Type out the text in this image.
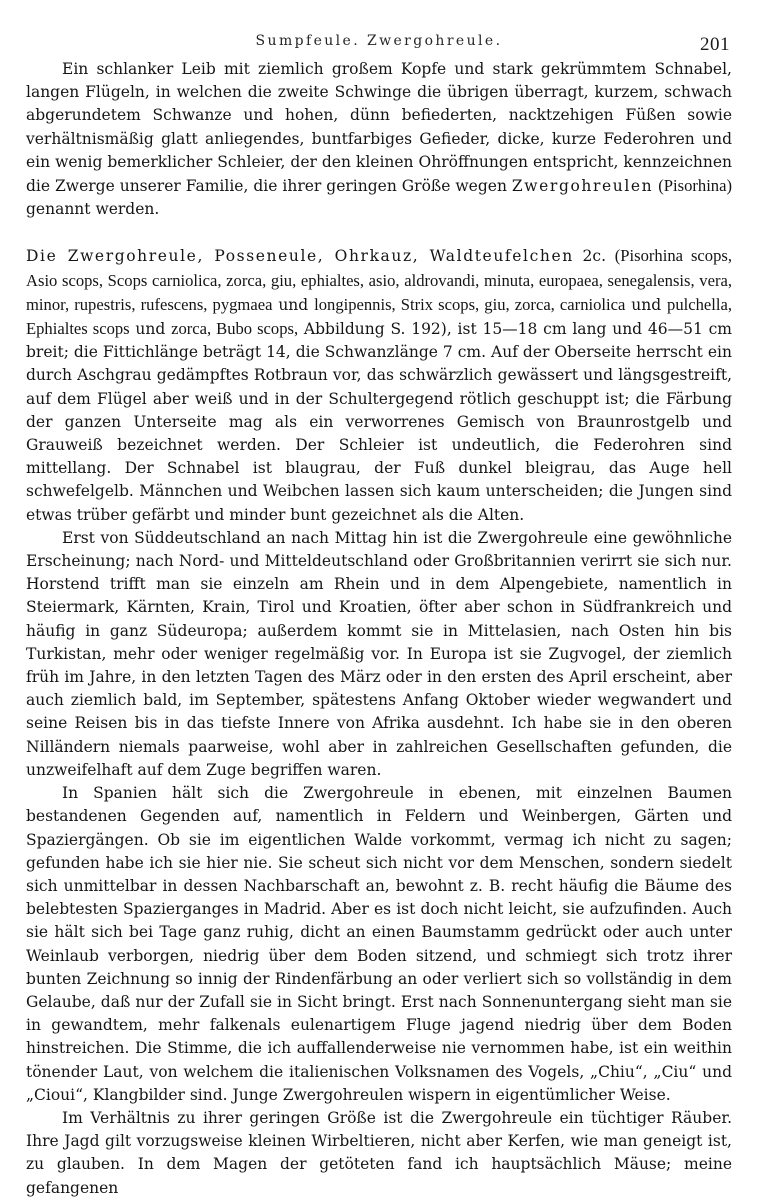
Sumpfeule. Zwergohreule.	201

Ein schlanker Leib mit ziemlich großem Kopfe und stark gekrümmtem Schnabel, langen Flügeln, in welchen die zweite Schwinge die übrigen überragt, kurzem, schwach abgerundetem Schwanze und hohen, dünn befiederten, nacktzehigen Füßen sowie verhältnismäßig glatt anliegendes, buntfarbiges Gefieder, dicke, kurze Federohren und ein wenig bemerklicher Schleier, der den kleinen Ohröffnungen entspricht, kennzeichnen die Zwerge unserer Familie, die ihrer geringen Größe wegen Zwergohreulen (Pisorhina) genannt werden.

Die Zwergohreule, Posseneule, Ohrkauz, Waldteufelchen 2c. (Pisorhina scops, Asio scops, Scops carniolica, zorca, giu, ephialtes, asio, aldrovandi, minuta, europaea, senegalensis, vera, minor, rupestris, rufescens, pygmaea und longipennis, Strix scops, giu, zorca, carniolica und pulchella, Ephialtes scops und zorca, Bubo scops, Abbildung S. 192), ist 15—18 cm lang und 46—51 cm breit; die Fittichlänge beträgt 14, die Schwanzlänge 7 cm. Auf der Oberseite herrscht ein durch Aschgrau gedämpftes Rotbraun vor, das schwärzlich gewässert und längsgestreift, auf dem Flügel aber weiß und in der Schultergegend rötlich geschuppt ist; die Färbung der ganzen Unterseite mag als ein verworrenes Gemisch von Braunrostgelb und Grauweiß bezeichnet werden. Der Schleier ist undeutlich, die Federohren sind mittellang. Der Schnabel ist blaugrau, der Fuß dunkel bleigrau, das Auge hell schwefelgelb. Männchen und Weibchen lassen sich kaum unterscheiden; die Jungen sind etwas trüber gefärbt und minder bunt gezeichnet als die Alten.

Erst von Süddeutschland an nach Mittag hin ist die Zwergohreule eine gewöhnliche Erscheinung; nach Nord- und Mitteldeutschland oder Großbritannien verirrt sie sich nur. Horstend trifft man sie einzeln am Rhein und in dem Alpengebiete, namentlich in Steiermark, Kärnten, Krain, Tirol und Kroatien, öfter aber schon in Südfrankreich und häufig in ganz Südeuropa; außerdem kommt sie in Mittelasien, nach Osten hin bis Turkistan, mehr oder weniger regelmäßig vor. In Europa ist sie Zugvogel, der ziemlich früh im Jahre, in den letzten Tagen des März oder in den ersten des April erscheint, aber auch ziemlich bald, im September, spätestens Anfang Oktober wieder wegwandert und seine Reisen bis in das tiefste Innere von Afrika ausdehnt. Ich habe sie in den oberen Nilländern niemals paarweise, wohl aber in zahlreichen Gesellschaften gefunden, die unzweifelhaft auf dem Zuge begriffen waren.

In Spanien hält sich die Zwergohreule in ebenen, mit einzelnen Baumen bestandenen Gegenden auf, namentlich in Feldern und Weinbergen, Gärten und Spaziergängen. Ob sie im eigentlichen Walde vorkommt, vermag ich nicht zu sagen; gefunden habe ich sie hier nie. Sie scheut sich nicht vor dem Menschen, sondern siedelt sich unmittelbar in dessen Nachbarschaft an, bewohnt z. B. recht häufig die Bäume des belebtesten Spazierganges in Madrid. Aber es ist doch nicht leicht, sie aufzufinden. Auch sie hält sich bei Tage ganz ruhig, dicht an einen Baumstamm gedrückt oder auch unter Weinlaub verborgen, niedrig über dem Boden sitzend, und schmiegt sich trotz ihrer bunten Zeichnung so innig der Rindenfärbung an oder verliert sich so vollständig in dem Gelaube, daß nur der Zufall sie in Sicht bringt. Erst nach Sonnenuntergang sieht man sie in gewandtem, mehr falkenals eulenartigem Fluge jagend niedrig über dem Boden hinstreichen. Die Stimme, die ich auffallenderweise nie vernommen habe, ist ein weithin tönender Laut, von welchem die italienischen Volksnamen des Vogels, „Chiu“, „Ciu“ und „Cioui“, Klangbilder sind. Junge Zwergohreulen wispern in eigentümlicher Weise.

Im Verhältnis zu ihrer geringen Größe ist die Zwergohreule ein tüchtiger Räuber. Ihre Jagd gilt vorzugsweise kleinen Wirbeltieren, nicht aber Kerfen, wie man geneigt ist, zu glauben. In dem Magen der getöteten fand ich hauptsächlich Mäuse; meine gefangenen
